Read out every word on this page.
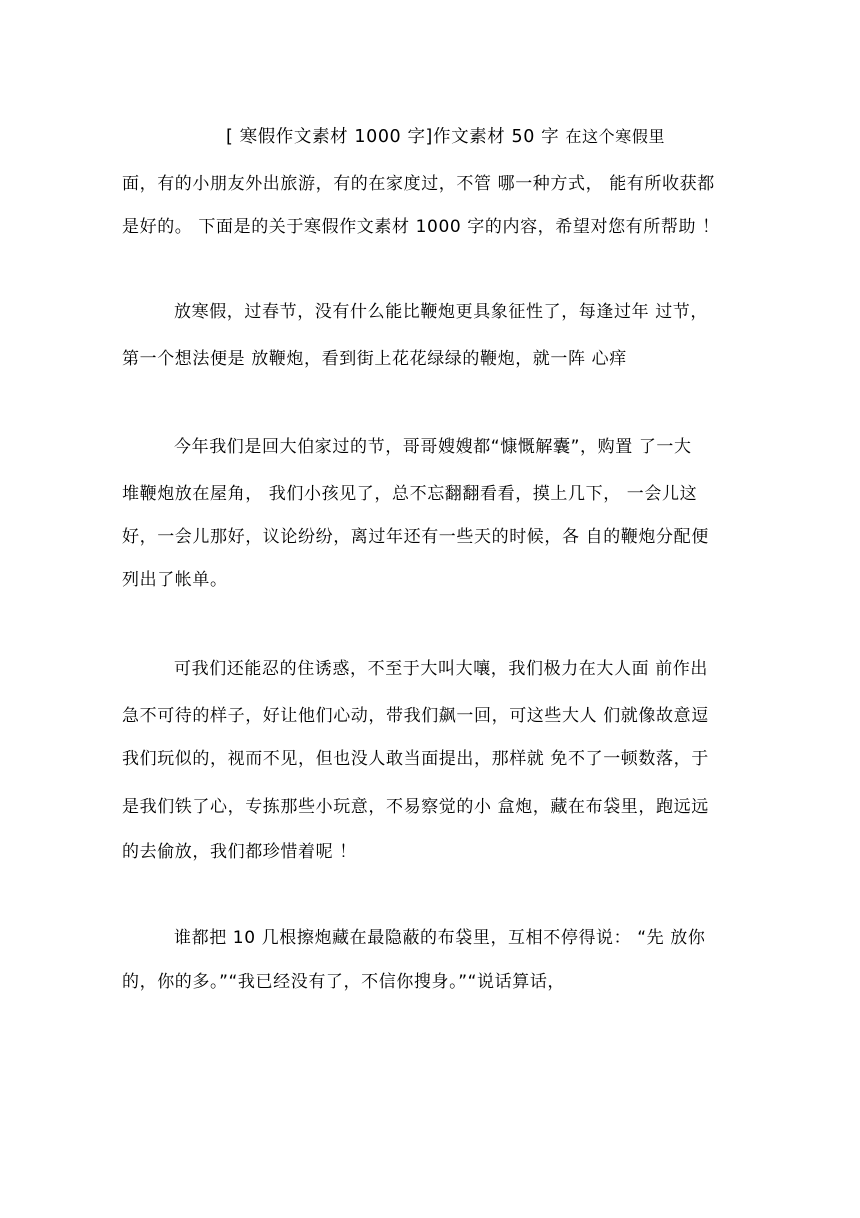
[ 寒假作文素材 1000 字]作文素材 50 字 在这个寒假里
面，有的小朋友外出旅游，有的在家度过，不管 哪一种方式， 能有所收获都
是好的。 下面是的关于寒假作文素材 1000 字的内容，希望对您有所帮助 ！
放寒假，过春节，没有什么能比鞭炮更具象征性了，每逢过年 过节，
第一个想法便是 放鞭炮，看到街上花花绿绿的鞭炮，就一阵 心痒
今年我们是回大伯家过的节，哥哥嫂嫂都“慷慨解囊”，购置 了一大
堆鞭炮放在屋角， 我们小孩见了，总不忘翻翻看看，摸上几下， 一会儿这
好，一会儿那好，议论纷纷，离过年还有一些天的时候，各 自的鞭炮分配便
列出了帐单。
可我们还能忍的住诱惑，不至于大叫大嚷，我们极力在大人面 前作出
急不可待的样子，好让他们心动，带我们飙一回，可这些大人 们就像故意逗
我们玩似的，视而不见，但也没人敢当面提出，那样就 免不了一顿数落，于
是我们铁了心，专拣那些小玩意，不易察觉的小 盒炮，藏在布袋里，跑远远
的去偷放，我们都珍惜着呢 ！
谁都把 10 几根擦炮藏在最隐蔽的布袋里，互相不停得说： “先 放你
的，你的多。”“我已经没有了，不信你搜身。”“说话算话，
